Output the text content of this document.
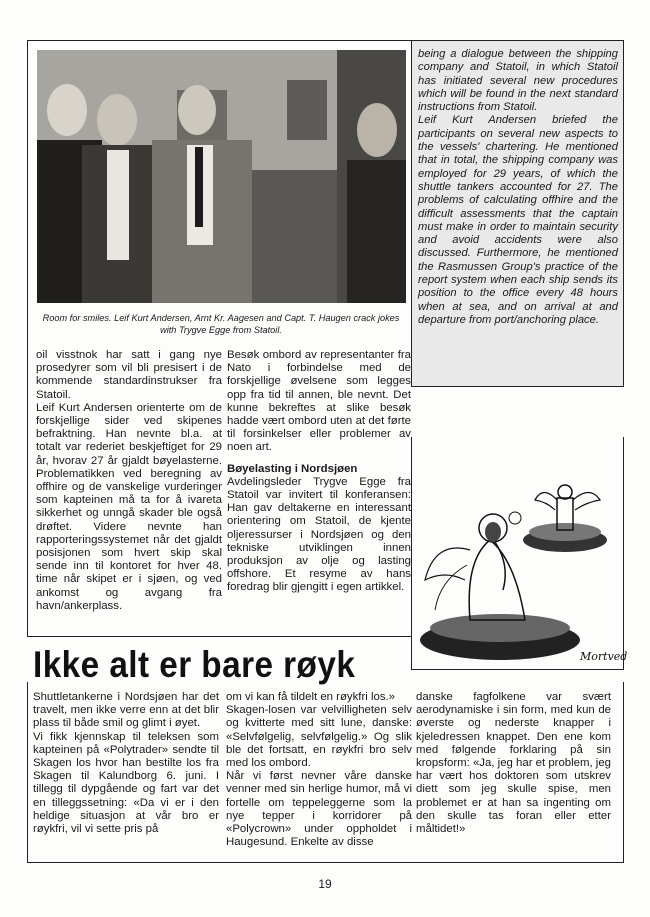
Room for smiles. Leif Kurt Andersen, Arnt Kr. Aagesen and Capt. T. Haugen crack jokes with Trygve Egge from Statoil.

being a dialogue between the shipping company and Statoil, in which Statoil has initiated several new procedures which will be found in the next standard instructions from Statoil.

Leif Kurt Andersen briefed the participants on several new aspects to the vessels' chartering. He mentioned that in total, the shipping company was employed for 29 years, of which the shuttle tankers accounted for 27. The problems of calculating offhire and the difficult assessments that the captain must make in order to maintain security and avoid accidents were also discussed. Furthermore, he mentioned the Rasmussen Group's practice of the report system when each ship sends its position to the office every 48 hours when at sea, and on arrival at and departure from port/anchoring place.

oil visstnok har satt i gang nye prosedyrer som vil bli presisert i de kommende standardinstrukser fra Statoil.

Leif Kurt Andersen orienterte om de forskjellige sider ved skipenes befraktning. Han nevnte bl.a. at totalt var rederiet beskjeftiget for 29 år, hvorav 27 år gjaldt bøyelasterne. Problematikken ved beregning av offhire og de vanskelige vurderinger som kapteinen må ta for å ivareta sikkerhet og unngå skader ble også drøftet. Videre nevnte han rapporteringssystemet når det gjaldt posisjonen som hvert skip skal sende inn til kontoret for hver 48. time når skipet er i sjøen, og ved ankomst og avgang fra havn/ankerplass.

Besøk ombord av representanter fra Nato i forbindelse med de forskjellige øvelsene som legges opp fra tid til annen, ble nevnt. Det kunne bekreftes at slike besøk hadde vært ombord uten at det førte til forsinkelser eller problemer av noen art.

Bøyelasting i Nordsjøen

Avdelingsleder Trygve Egge fra Statoil var invitert til konferansen: Han gav deltakerne en interessant orientering om Statoil, de kjente oljeressurser i Nordsjøen og den tekniske utviklingen innen produksjon av olje og lasting offshore. Et resyme av hans foredrag blir gjengitt i egen artikkel.

Mortved
Ikke alt er bare røyk

Shuttletankerne i Nordsjøen har det travelt, men ikke verre enn at det blir plass til både smil og glimt i øyet.

Vi fikk kjennskap til teleksen som kapteinen på «Polytrader» sendte til Skagen los hvor han bestilte los fra Skagen til Kalundborg 6. juni. I tillegg til dypgående og fart var det en tilleggssetning: «Da vi er i den heldige situasjon at vår bro er røykfri, vil vi sette pris på

om vi kan få tildelt en røykfri los.»

Skagen-losen var velvilligheten selv og kvitterte med sitt lune, danske: «Selvfølgelig, selvfølgelig.» Og slik ble det fortsatt, en røykfri bro selv med los ombord.

Når vi først nevner våre danske venner med sin herlige humor, må vi fortelle om teppeleggerne som la nye tepper i korridorer på «Polycrown» under oppholdet i Haugesund. Enkelte av disse

danske fagfolkene var svært aerodynamiske i sin form, med kun de øverste og nederste knapper i kjeledressen knappet. Den ene kom med følgende forklaring på sin kropsform: «Ja, jeg har et problem, jeg har vært hos doktoren som utskrev diett som jeg skulle spise, men problemet er at han sa ingenting om den skulle tas foran eller etter måltidet!»

19
